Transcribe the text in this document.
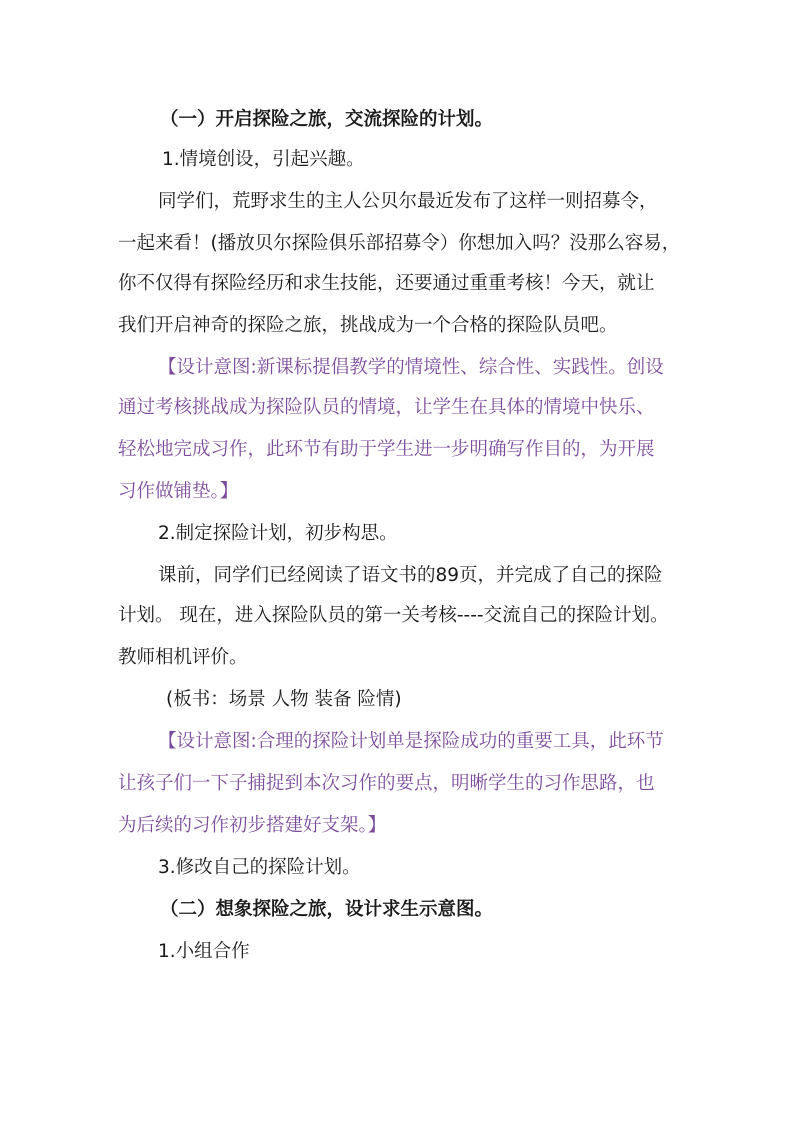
（一）开启探险之旅，交流探险的计划。
1.情境创设，引起兴趣。
同学们，荒野求生的主人公贝尔最近发布了这样一则招募令，
一起来看！(播放贝尔探险俱乐部招募令）你想加入吗？没那么容易，
你不仅得有探险经历和求生技能，还要通过重重考核！今天，就让
我们开启神奇的探险之旅，挑战成为一个合格的探险队员吧。
【设计意图:新课标提倡教学的情境性、综合性、实践性。创设
通过考核挑战成为探险队员的情境，让学生在具体的情境中快乐、
轻松地完成习作，此环节有助于学生进一步明确写作目的，为开展
习作做铺垫。】
2.制定探险计划，初步构思。
课前，同学们已经阅读了语文书的89页，并完成了自己的探险
计划。 现在，进入探险队员的第一关考核----交流自己的探险计划。
教师相机评价。
(板书：场景 人物 装备 险情)
【设计意图:合理的探险计划单是探险成功的重要工具，此环节
让孩子们一下子捕捉到本次习作的要点，明晰学生的习作思路，也
为后续的习作初步搭建好支架。】
3.修改自己的探险计划。
（二）想象探险之旅，设计求生示意图。
1.小组合作
